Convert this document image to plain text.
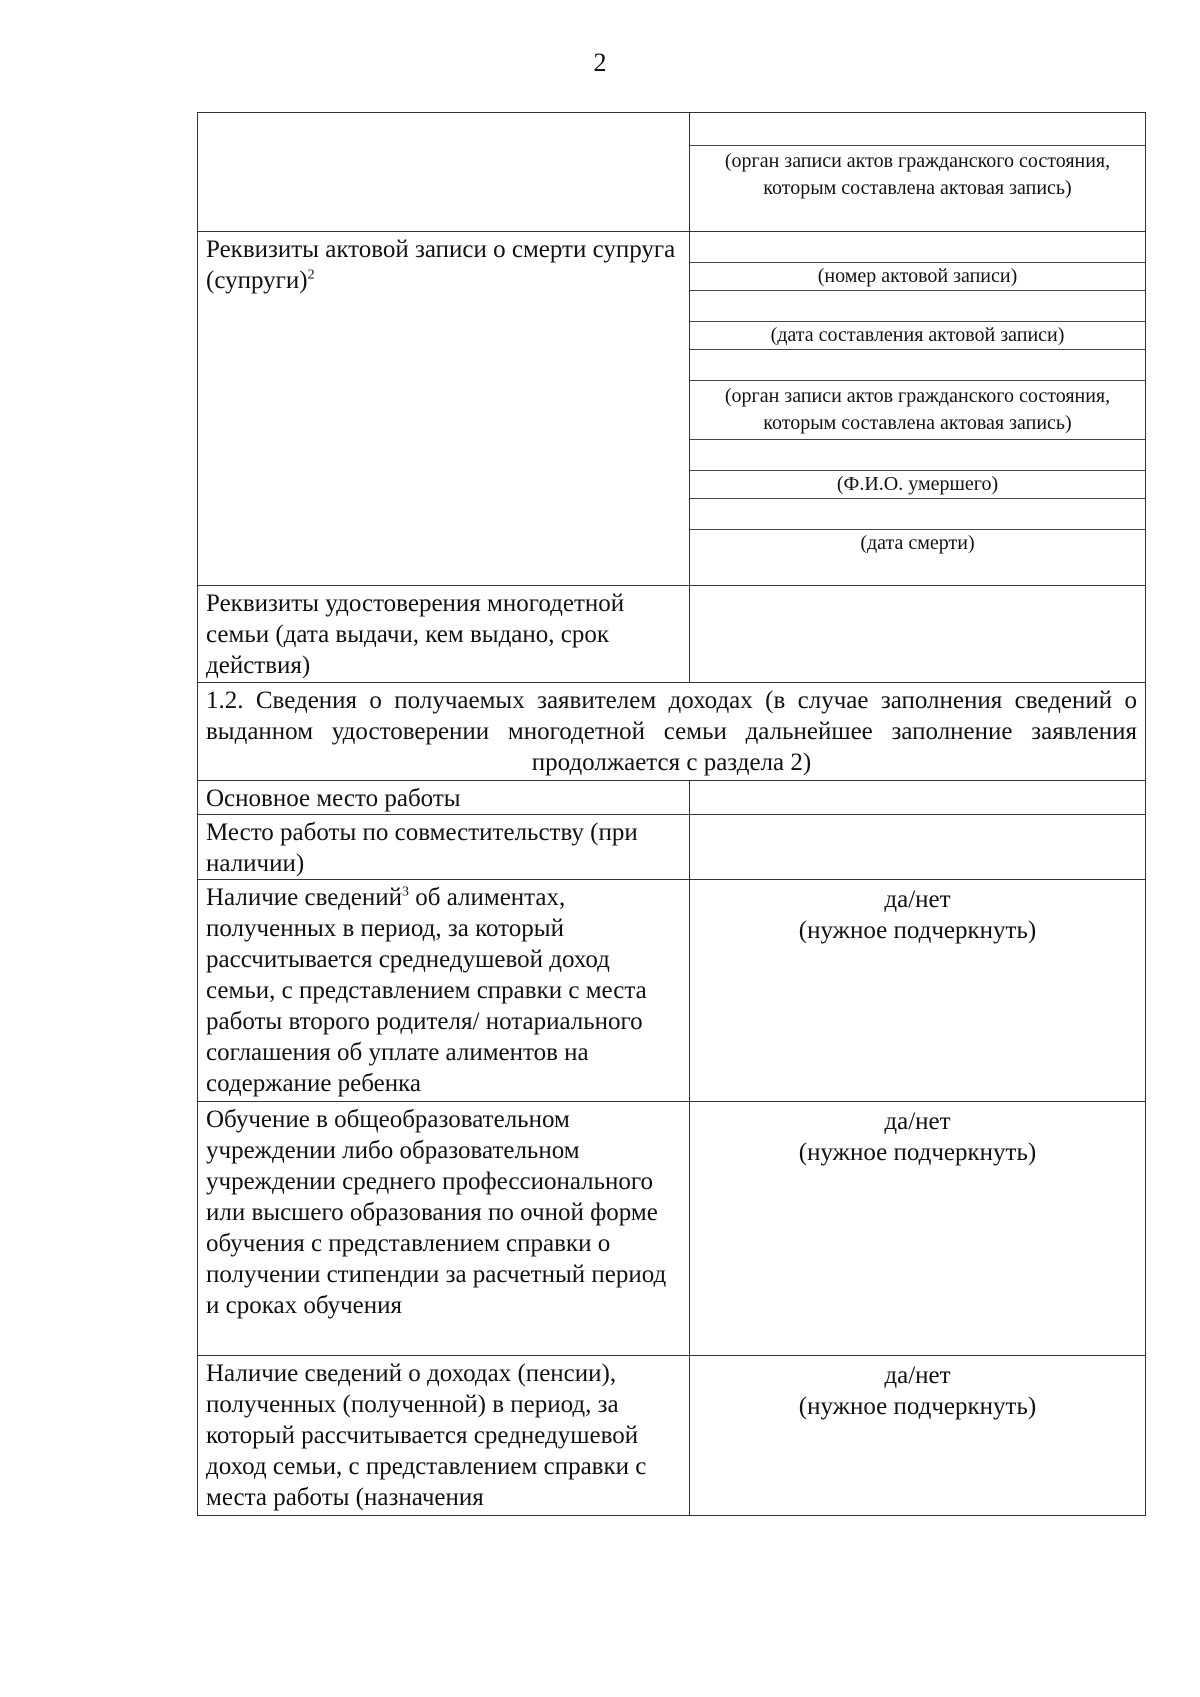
2

	(орган записи актов гражданского состояния, которым составлена актовая запись)

Реквизиты актовой записи о смерти супруга (супруги)$^2$	(номер актовой записи)
(дата составления актовой записи)
(орган записи актов гражданского состояния, которым составлена актовая запись)
(Ф.И.О. умершего)
(дата смерти)

Реквизиты удостоверения многодетной семьи (дата выдачи, кем выдано, срок действия)	

1.2. Сведения о получаемых заявителем доходах (в случае заполнения сведений о выданном удостоверении многодетной семьи дальнейшее заполнение заявления продолжается с раздела 2)	

Основное место работы	

Место работы по совместительству (при наличии)	

Наличие сведений$^3$ об алиментах, полученных в период, за который рассчитывается среднедушевой доход семьи, с представлением справки с места работы второго родителя/ нотариального соглашения об уплате алиментов на содержание ребенка	да/нет
(нужное подчеркнуть)

Обучение в общеобразовательном учреждении либо образовательном учреждении среднего профессионального или высшего образования по очной форме обучения с представлением справки о получении стипендии за расчетный период и сроках обучения	да/нет
(нужное подчеркнуть)

Наличие сведений о доходах (пенсии), полученных (полученной) в период, за который рассчитывается среднедушевой доход семьи, с представлением справки с места работы (назначения	да/нет
(нужное подчеркнуть)
